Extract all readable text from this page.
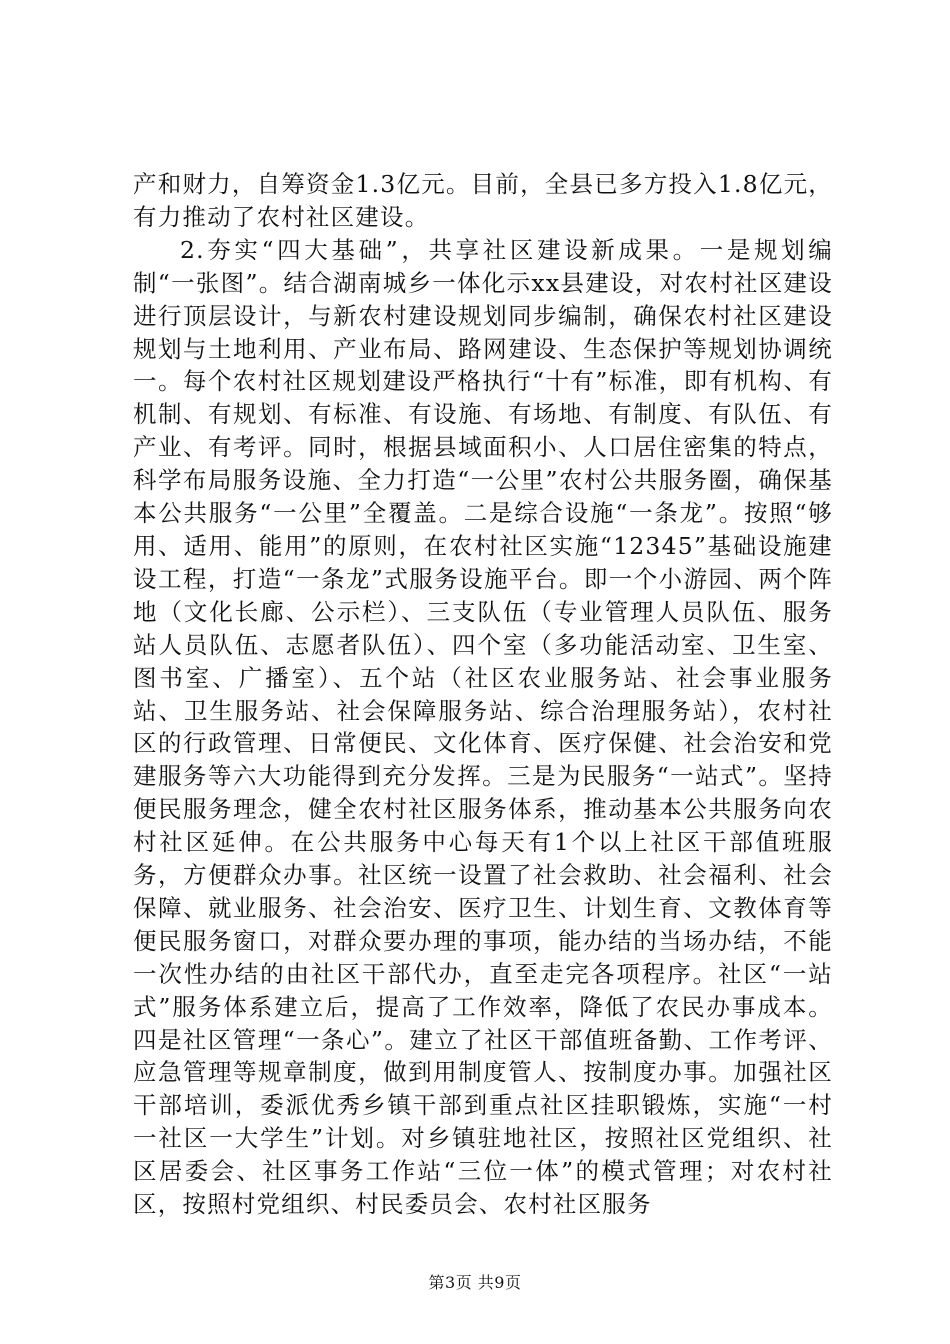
产和财力，自筹资金1.3亿元。目前，全县已多方投入1.8亿元，有力推动了农村社区建设。

2.夯实“四大基础”，共享社区建设新成果。一是规划编制“一张图”。结合湖南城乡一体化示xx县建设，对农村社区建设进行顶层设计，与新农村建设规划同步编制，确保农村社区建设规划与土地利用、产业布局、路网建设、生态保护等规划协调统一。每个农村社区规划建设严格执行“十有”标准，即有机构、有机制、有规划、有标准、有设施、有场地、有制度、有队伍、有产业、有考评。同时，根据县域面积小、人口居住密集的特点，科学布局服务设施、全力打造“一公里”农村公共服务圈，确保基本公共服务“一公里”全覆盖。二是综合设施“一条龙”。按照“够用、适用、能用”的原则，在农村社区实施“12345”基础设施建设工程，打造“一条龙”式服务设施平台。即一个小游园、两个阵地（文化长廊、公示栏）、三支队伍（专业管理人员队伍、服务站人员队伍、志愿者队伍）、四个室（多功能活动室、卫生室、图书室、广播室）、五个站（社区农业服务站、社会事业服务站、卫生服务站、社会保障服务站、综合治理服务站），农村社区的行政管理、日常便民、文化体育、医疗保健、社会治安和党建服务等六大功能得到充分发挥。三是为民服务“一站式”。坚持便民服务理念，健全农村社区服务体系，推动基本公共服务向农村社区延伸。在公共服务中心每天有1个以上社区干部值班服务，方便群众办事。社区统一设置了社会救助、社会福利、社会保障、就业服务、社会治安、医疗卫生、计划生育、文教体育等便民服务窗口，对群众要办理的事项，能办结的当场办结，不能一次性办结的由社区干部代办，直至走完各项程序。社区“一站式”服务体系建立后，提高了工作效率，降低了农民办事成本。四是社区管理“一条心”。建立了社区干部值班备勤、工作考评、应急管理等规章制度，做到用制度管人、按制度办事。加强社区干部培训，委派优秀乡镇干部到重点社区挂职锻炼，实施“一村一社区一大学生”计划。对乡镇驻地社区，按照社区党组织、社区居委会、社区事务工作站“三位一体”的模式管理；对农村社区，按照村党组织、村民委员会、农村社区服务

第3页 共9页
